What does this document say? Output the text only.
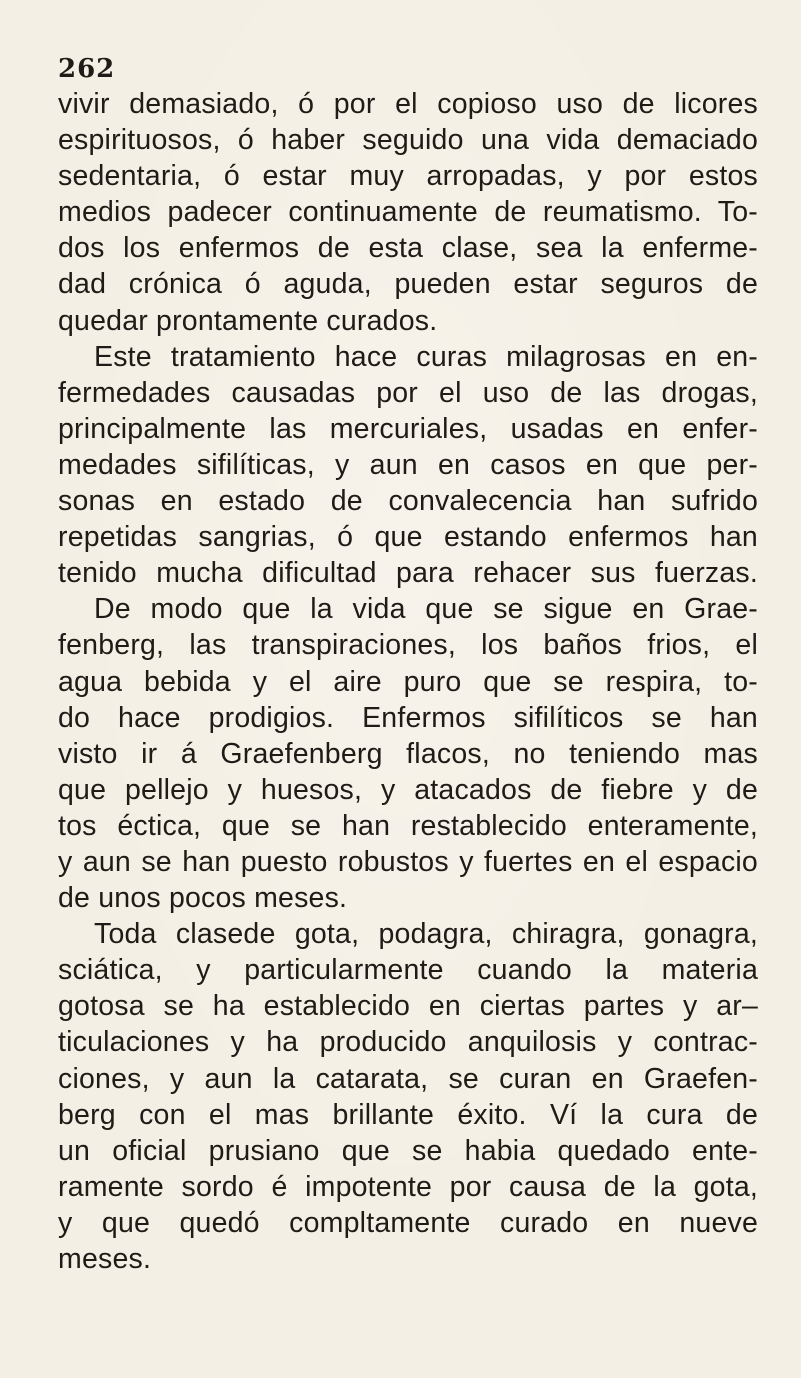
262
vivir demasiado, ó por el copioso uso de licores
espirituosos, ó haber seguido una vida demaciado
sedentaria, ó estar muy arropadas, y por estos
medios padecer continuamente de reumatismo. To-
dos los enfermos de esta clase, sea la enferme-
dad crónica ó aguda, pueden estar seguros de
quedar prontamente curados.
Este tratamiento hace curas milagrosas en en-
fermedades causadas por el uso de las drogas,
principalmente las mercuriales, usadas en enfer-
medades sifilíticas, y aun en casos en que per-
sonas en estado de convalecencia han sufrido
repetidas sangrias, ó que estando enfermos han
tenido mucha dificultad para rehacer sus fuerzas.
De modo que la vida que se sigue en Grae-
fenberg, las transpiraciones, los baños frios, el
agua bebida y el aire puro que se respira, to-
do hace prodigios. Enfermos sifilíticos se han
visto ir á Graefenberg flacos, no teniendo mas
que pellejo y huesos, y atacados de fiebre y de
tos éctica, que se han restablecido enteramente,
y aun se han puesto robustos y fuertes en el espacio
de unos pocos meses.
Toda clasede gota, podagra, chiragra, gonagra,
sciática, y particularmente cuando la materia
gotosa se ha establecido en ciertas partes y ar–
ticulaciones y ha producido anquilosis y contrac-
ciones, y aun la catarata, se curan en Graefen-
berg con el mas brillante éxito. Ví la cura de
un oficial prusiano que se habia quedado ente-
ramente sordo é impotente por causa de la gota,
y que quedó compltamente curado en nueve
meses.
